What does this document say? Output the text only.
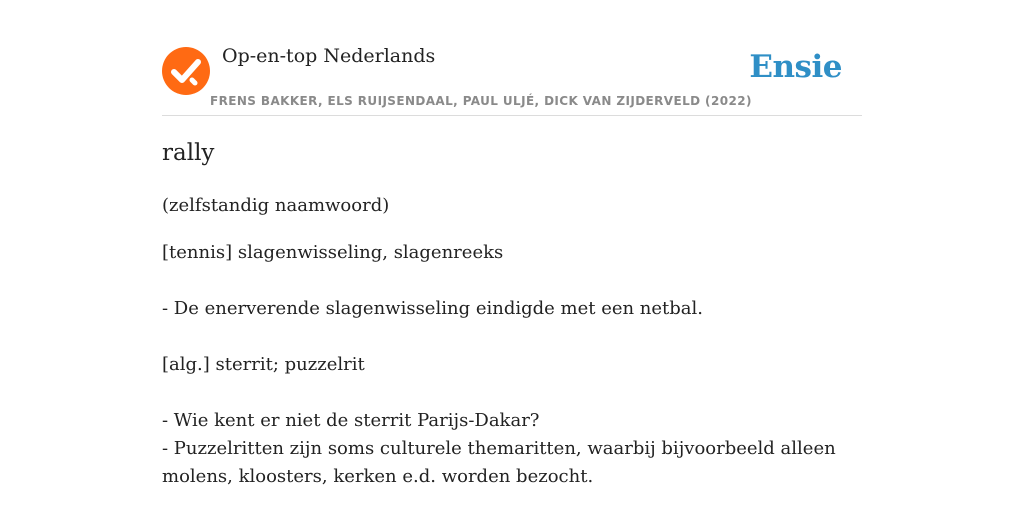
Op-en-top Nederlands
FRENS BAKKER, ELS RUIJSENDAAL, PAUL ULJÉ, DICK VAN ZIJDERVELD (2022)
Ensie
rally
(zelfstandig naamwoord)

[tennis] slagenwisseling, slagenreeks

- De enerverende slagenwisseling eindigde met een netbal.

[alg.] sterrit; puzzelrit

- Wie kent er niet de sterrit Parijs-Dakar?

- Puzzelritten zijn soms culturele themaritten, waarbij bijvoorbeeld alleen molens, kloosters, kerken e.d. worden bezocht.
